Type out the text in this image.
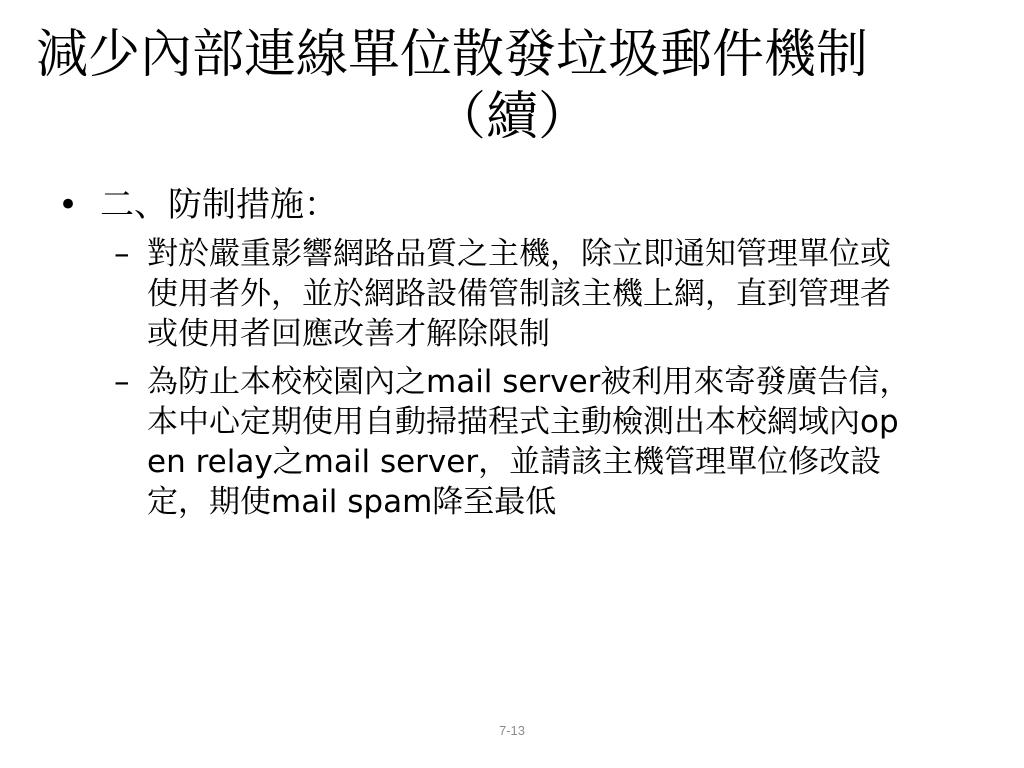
減少內部連線單位散發垃圾郵件機制
（續）
• 二、防制措施：
– 對於嚴重影響網路品質之主機，除立即通知管理單位或使用者外，並於網路設備管制該主機上網，直到管理者或使用者回應改善才解除限制
– 為防止本校校園內之mail server被利用來寄發廣告信，本中心定期使用自動掃描程式主動檢測出本校網域內open relay之mail server，並請該主機管理單位修改設定，期使mail spam降至最低
7-13
